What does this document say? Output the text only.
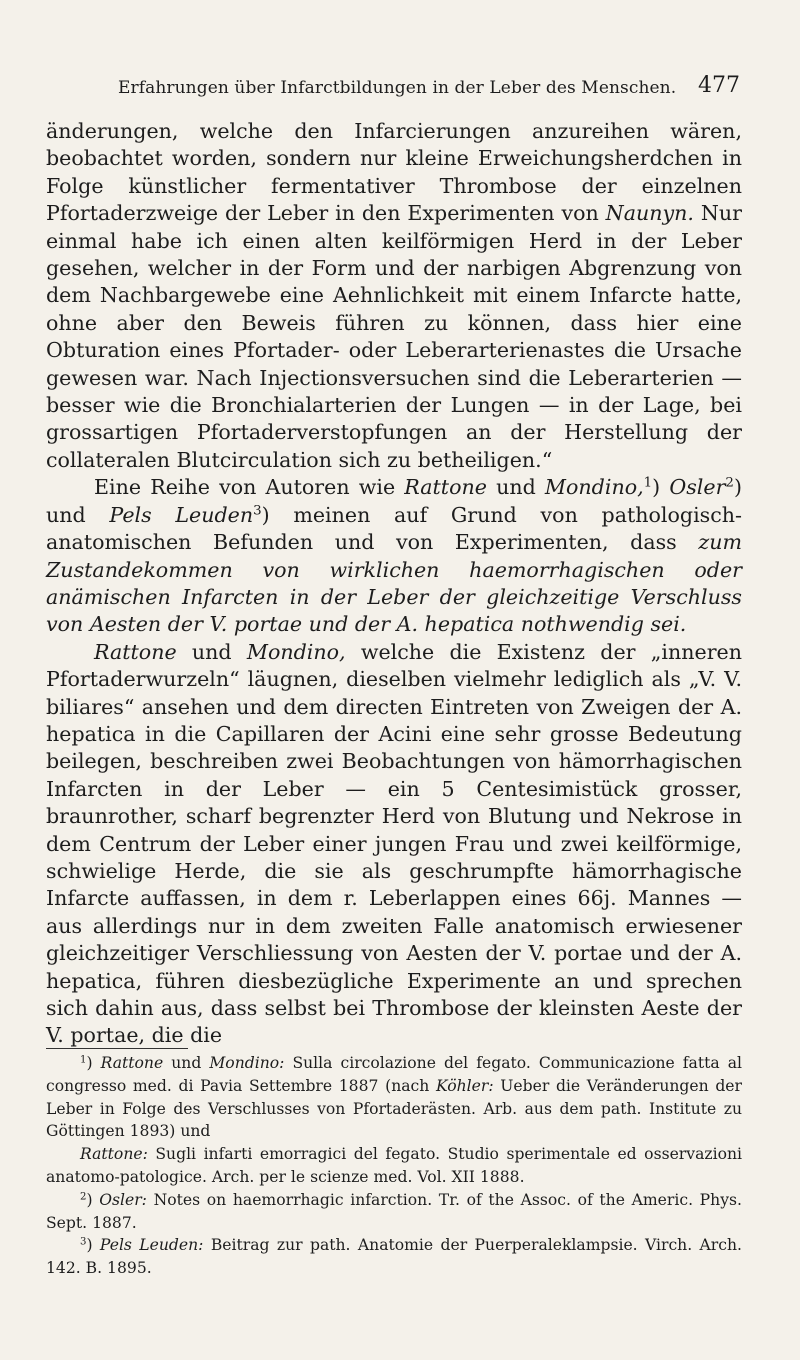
Erfahrungen über Infarctbildungen in der Leber des Menschen. 477

änderungen, welche den Infarcierungen anzureihen wären, beobachtet worden, sondern nur kleine Erweichungsherdchen in Folge künstlicher fermentativer Thrombose der einzelnen Pfortaderzweige der Leber in den Experimenten von Naunyn. Nur einmal habe ich einen alten keilförmigen Herd in der Leber gesehen, welcher in der Form und der narbigen Abgrenzung von dem Nachbargewebe eine Aehnlichkeit mit einem Infarcte hatte, ohne aber den Beweis führen zu können, dass hier eine Obturation eines Pfortader- oder Leberarterienastes die Ursache gewesen war. Nach Injectionsversuchen sind die Leberarterien — besser wie die Bronchialarterien der Lungen — in der Lage, bei grossartigen Pfortaderverstopfungen an der Herstellung der collateralen Blutcirculation sich zu betheiligen.“

Eine Reihe von Autoren wie Rattone und Mondino,$^1$) Osler$^2$) und Pels Leuden$^3$) meinen auf Grund von pathologisch-anatomischen Befunden und von Experimenten, dass zum Zustandekommen von wirklichen haemorrhagischen oder anämischen Infarcten in der Leber der gleichzeitige Verschluss von Aesten der V. portae und der A. hepatica nothwendig sei.

Rattone und Mondino, welche die Existenz der „inneren Pfortaderwurzeln“ läugnen, dieselben vielmehr lediglich als „V. V. biliares“ ansehen und dem directen Eintreten von Zweigen der A. hepatica in die Capillaren der Acini eine sehr grosse Bedeutung beilegen, beschreiben zwei Beobachtungen von hämorrhagischen Infarcten in der Leber — ein 5 Centesimistück grosser, braunrother, scharf begrenzter Herd von Blutung und Nekrose in dem Centrum der Leber einer jungen Frau und zwei keilförmige, schwielige Herde, die sie als geschrumpfte hämorrhagische Infarcte auffassen, in dem r. Leberlappen eines 66j. Mannes — aus allerdings nur in dem zweiten Falle anatomisch erwiesener gleichzeitiger Verschliessung von Aesten der V. portae und der A. hepatica, führen diesbezügliche Experimente an und sprechen sich dahin aus, dass selbst bei Thrombose der kleinsten Aeste der V. portae, die die

$^1$) Rattone und Mondino: Sulla circolazione del fegato. Communicazione fatta al congresso med. di Pavia Settembre 1887 (nach Köhler: Ueber die Veränderungen der Leber in Folge des Verschlusses von Pfortaderästen. Arb. aus dem path. Institute zu Göttingen 1893) und

Rattone: Sugli infarti emorragici del fegato. Studio sperimentale ed osservazioni anatomo-patologice. Arch. per le scienze med. Vol. XII 1888.

$^2$) Osler: Notes on haemorrhagic infarction. Tr. of the Assoc. of the Americ. Phys. Sept. 1887.

$^3$) Pels Leuden: Beitrag zur path. Anatomie der Puerperaleklampsie. Virch. Arch. 142. B. 1895.
